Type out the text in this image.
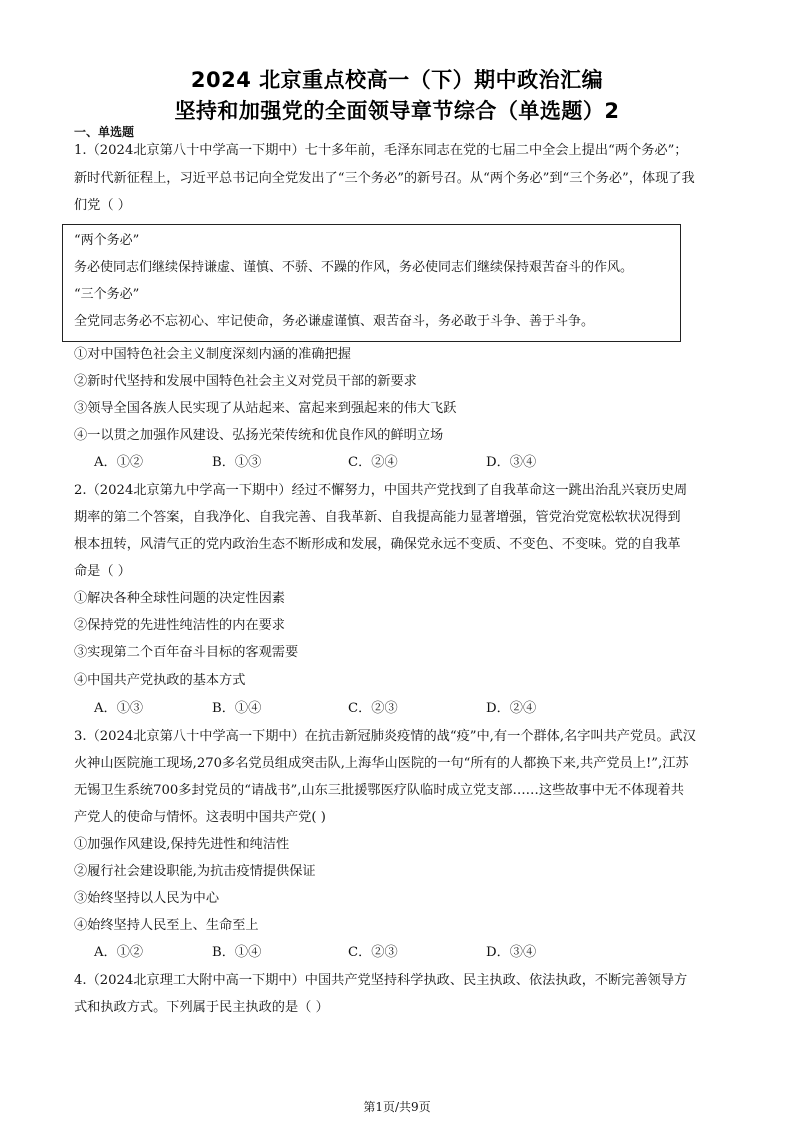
2024 北京重点校高一（下）期中政治汇编
坚持和加强党的全面领导章节综合（单选题）2
一、单选题
1.（2024北京第八十中学高一下期中）七十多年前，毛泽东同志在党的七届二中全会上提出“两个务必”；
新时代新征程上，习近平总书记向全党发出了“三个务必”的新号召。从“两个务必”到“三个务必”，体现了我
们党（ ）
“两个务必”
务必使同志们继续保持谦虚、谨慎、不骄、不躁的作风，务必使同志们继续保持艰苦奋斗的作风。
“三个务必”
全党同志务必不忘初心、牢记使命，务必谦虚谨慎、艰苦奋斗，务必敢于斗争、善于斗争。
①对中国特色社会主义制度深刻内涵的准确把握
②新时代坚持和发展中国特色社会主义对党员干部的新要求
③领导全国各族人民实现了从站起来、富起来到强起来的伟大飞跃
④一以贯之加强作风建设、弘扬光荣传统和优良作风的鲜明立场
A．①②	B．①③	C．②④	D．③④
2.（2024北京第九中学高一下期中）经过不懈努力，中国共产党找到了自我革命这一跳出治乱兴衰历史周
期率的第二个答案，自我净化、自我完善、自我革新、自我提高能力显著增强，管党治党宽松软状况得到
根本扭转，风清气正的党内政治生态不断形成和发展，确保党永远不变质、不变色、不变味。党的自我革
命是（ ）
①解决各种全球性问题的决定性因素
②保持党的先进性纯洁性的内在要求
③实现第二个百年奋斗目标的客观需要
④中国共产党执政的基本方式
A．①③	B．①④	C．②③	D．②④
3.（2024北京第八十中学高一下期中）在抗击新冠肺炎疫情的战“疫”中,有一个群体,名字叫共产党员。武汉
火神山医院施工现场,270多名党员组成突击队,上海华山医院的一句“所有的人都换下来,共产党员上!”,江苏
无锡卫生系统700多封党员的“请战书”,山东三批援鄂医疗队临时成立党支部……这些故事中无不体现着共
产党人的使命与情怀。这表明中国共产党( )
①加强作风建设,保持先进性和纯洁性
②履行社会建设职能,为抗击疫情提供保证
③始终坚持以人民为中心
④始终坚持人民至上、生命至上
A．①②	B．①④	C．②③	D．③④
4.（2024北京理工大附中高一下期中）中国共产党坚持科学执政、民主执政、依法执政，不断完善领导方
式和执政方式。下列属于民主执政的是（ ）
第1页/共9页
